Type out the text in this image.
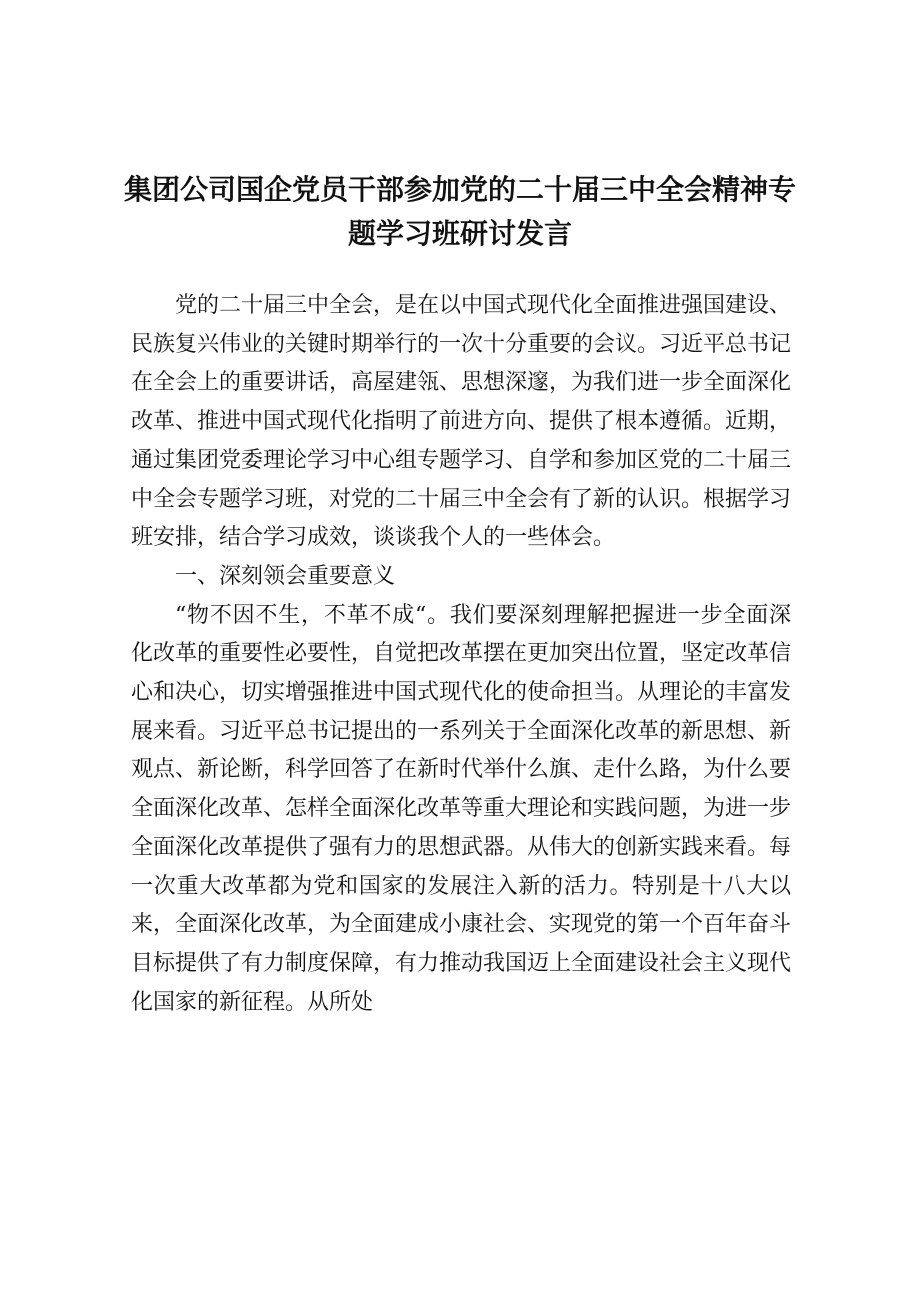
集团公司国企党员干部参加党的二十届三中全会精神专
题学习班研讨发言

党的二十届三中全会，是在以中国式现代化全面推进强国建设、民族复兴伟业的关键时期举行的一次十分重要的会议。习近平总书记在全会上的重要讲话，高屋建瓴、思想深邃，为我们进一步全面深化改革、推进中国式现代化指明了前进方向、提供了根本遵循。近期，通过集团党委理论学习中心组专题学习、自学和参加区党的二十届三中全会专题学习班，对党的二十届三中全会有了新的认识。根据学习班安排，结合学习成效，谈谈我个人的一些体会。

一、深刻领会重要意义

“物不因不生，不革不成“。我们要深刻理解把握进一步全面深化改革的重要性必要性，自觉把改革摆在更加突出位置，坚定改革信心和决心，切实增强推进中国式现代化的使命担当。从理论的丰富发展来看。习近平总书记提出的一系列关于全面深化改革的新思想、新观点、新论断，科学回答了在新时代举什么旗、走什么路，为什么要全面深化改革、怎样全面深化改革等重大理论和实践问题，为进一步全面深化改革提供了强有力的思想武器。从伟大的创新实践来看。每一次重大改革都为党和国家的发展注入新的活力。特别是十八大以来，全面深化改革，为全面建成小康社会、实现党的第一个百年奋斗目标提供了有力制度保障，有力推动我国迈上全面建设社会主义现代化国家的新征程。从所处
